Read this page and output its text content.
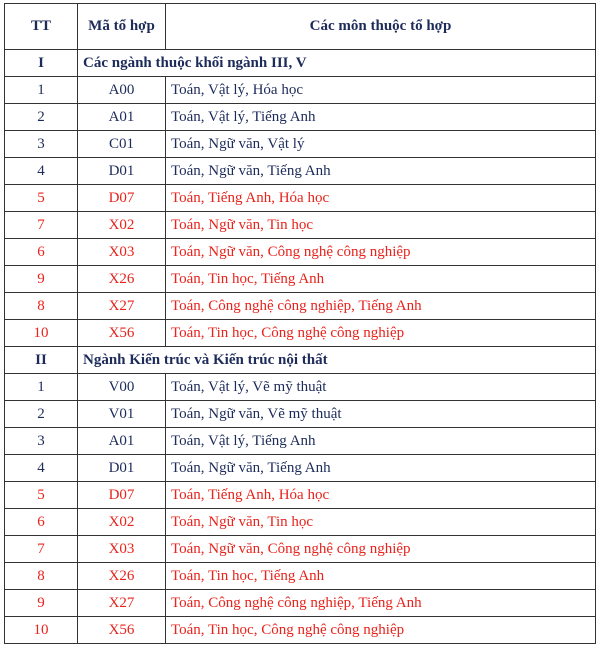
TT	Mã tổ hợp	Các môn thuộc tổ hợp
I	Các ngành thuộc khối ngành III, V	
1	A00	Toán, Vật lý, Hóa học
2	A01	Toán, Vật lý, Tiếng Anh
3	C01	Toán, Ngữ văn, Vật lý
4	D01	Toán, Ngữ văn, Tiếng Anh
5	D07	Toán, Tiếng Anh, Hóa học
7	X02	Toán, Ngữ văn, Tin học
6	X03	Toán, Ngữ văn, Công nghệ công nghiệp
9	X26	Toán, Tin học, Tiếng Anh
8	X27	Toán, Công nghệ công nghiệp, Tiếng Anh
10	X56	Toán, Tin học, Công nghệ công nghiệp
II	Ngành Kiến trúc và Kiến trúc nội thất	
1	V00	Toán, Vật lý, Vẽ mỹ thuật
2	V01	Toán, Ngữ văn, Vẽ mỹ thuật
3	A01	Toán, Vật lý, Tiếng Anh
4	D01	Toán, Ngữ văn, Tiếng Anh
5	D07	Toán, Tiếng Anh, Hóa học
6	X02	Toán, Ngữ văn, Tin học
7	X03	Toán, Ngữ văn, Công nghệ công nghiệp
8	X26	Toán, Tin học, Tiếng Anh
9	X27	Toán, Công nghệ công nghiệp, Tiếng Anh
10	X56	Toán, Tin học, Công nghệ công nghiệp
